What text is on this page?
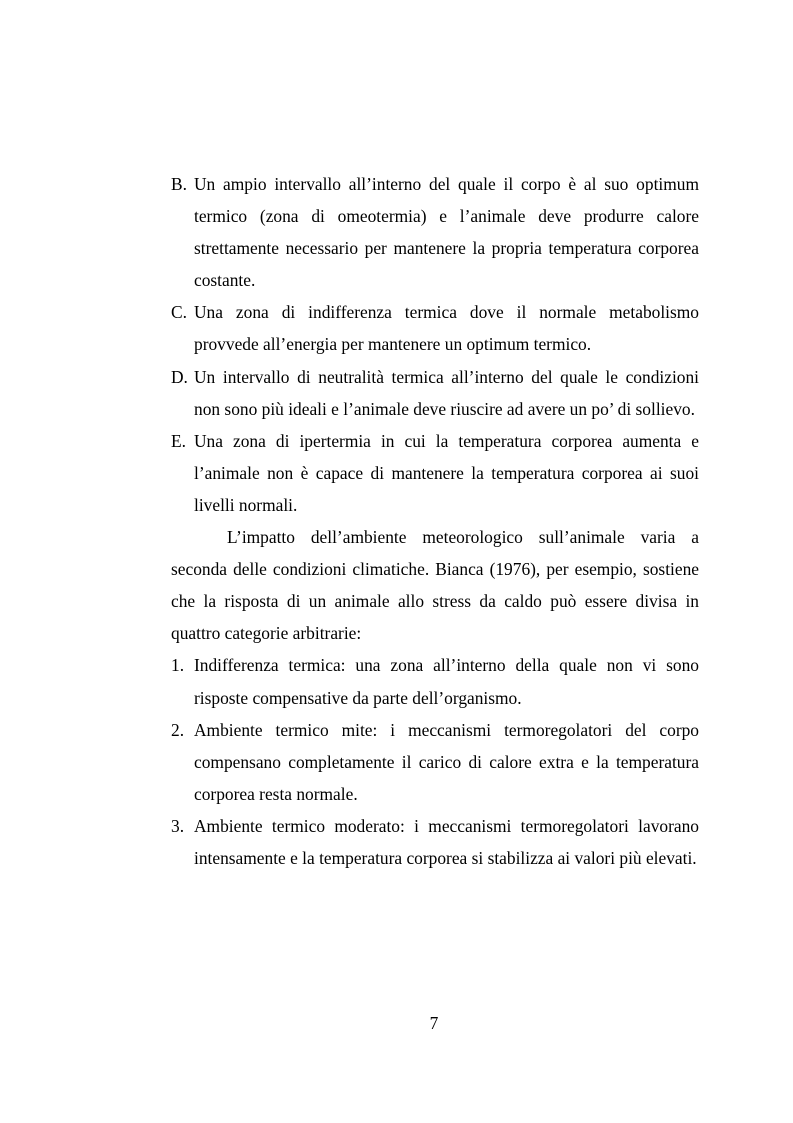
B. Un ampio intervallo all’interno del quale il corpo è al suo optimum termico (zona di omeotermia) e l’animale deve produrre calore strettamente necessario per mantenere la propria temperatura corporea costante.
C. Una zona di indifferenza termica dove il normale metabolismo provvede all’energia per mantenere un optimum termico.
D. Un intervallo di neutralità termica all’interno del quale le condizioni non sono più ideali e l’animale deve riuscire ad avere un po’ di sollievo.
E. Una zona di ipertermia in cui la temperatura corporea aumenta e l’animale non è capace di mantenere la temperatura corporea ai suoi livelli normali.

L’impatto dell’ambiente meteorologico sull’animale varia a seconda delle condizioni climatiche. Bianca (1976), per esempio, sostiene che la risposta di un animale allo stress da caldo può essere divisa in quattro categorie arbitrarie:

1. Indifferenza termica: una zona all’interno della quale non vi sono risposte compensative da parte dell’organismo.
2. Ambiente termico mite: i meccanismi termoregolatori del corpo compensano completamente il carico di calore extra e la temperatura corporea resta normale.
3. Ambiente termico moderato: i meccanismi termoregolatori lavorano intensamente e la temperatura corporea si stabilizza ai valori più elevati.
7
